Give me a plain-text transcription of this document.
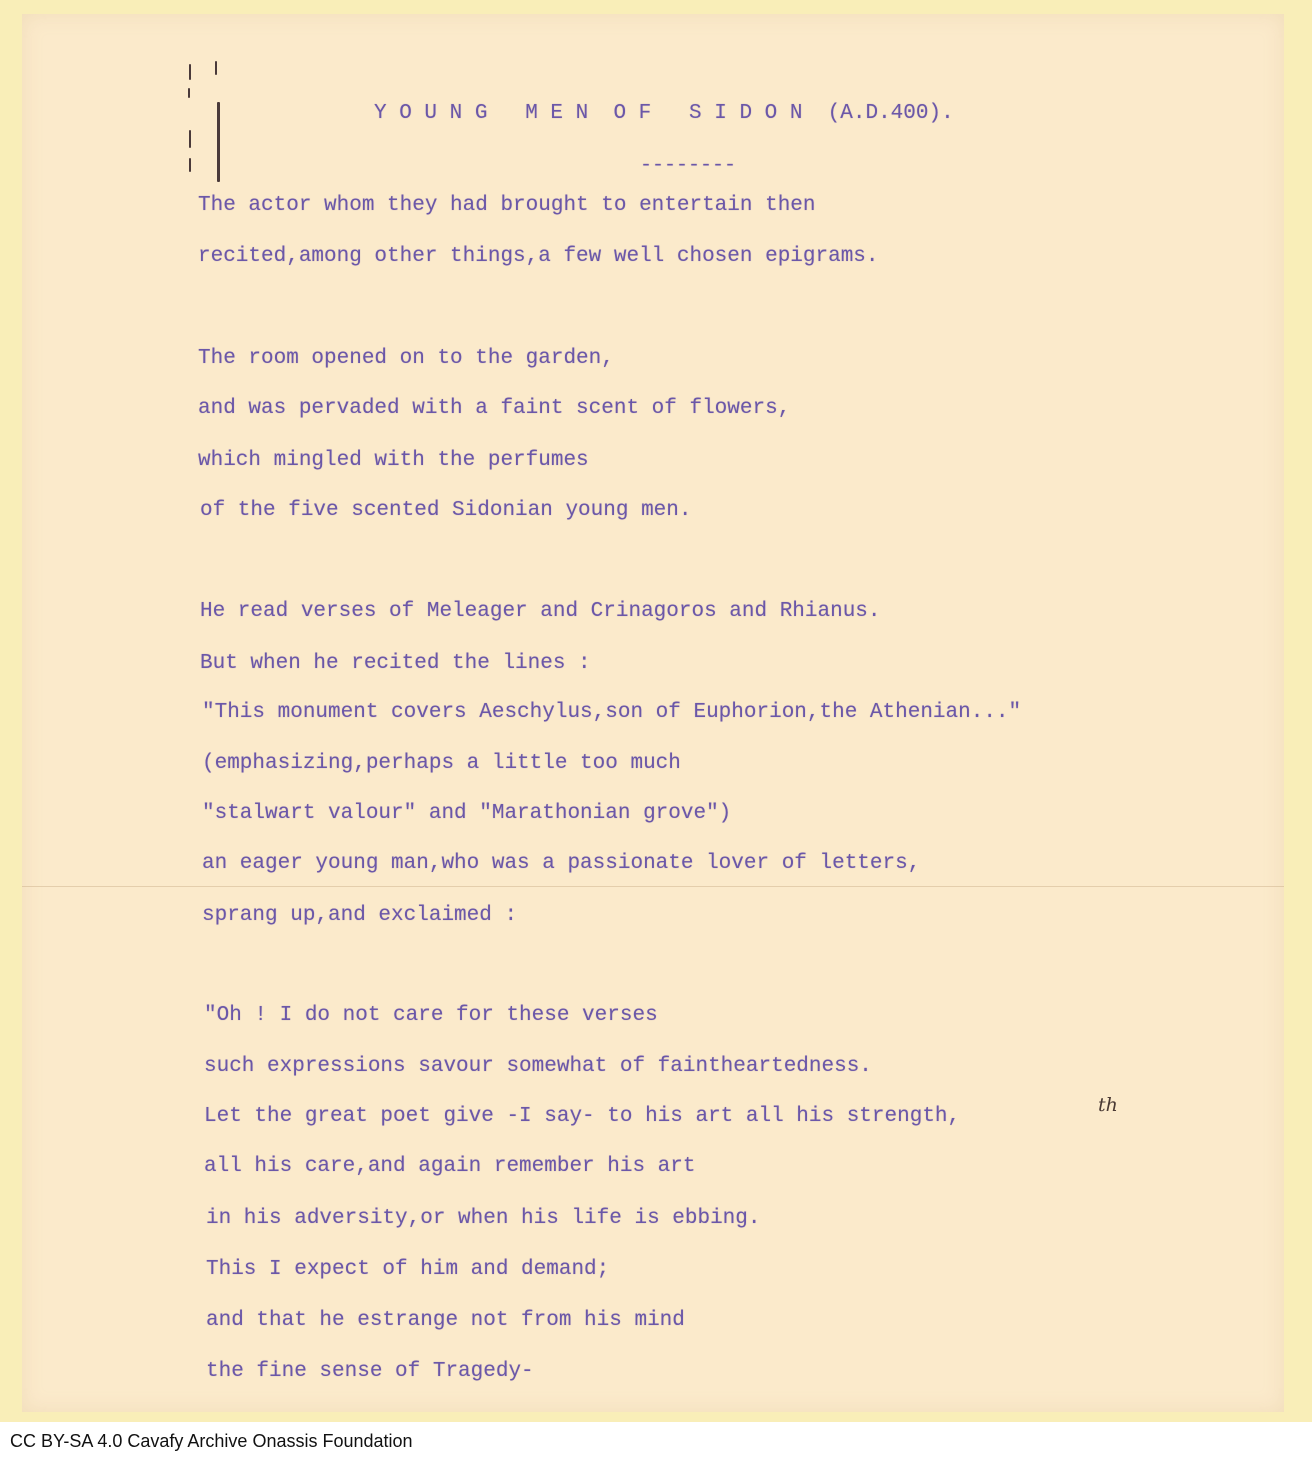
Y O U N G   M E N  O F   S I D O N  (A.D.400).
--------
The actor whom they had brought to entertain then
recited,among other things,a few well chosen epigrams.
The room opened on to the garden,
and was pervaded with a faint scent of flowers,
which mingled with the perfumes
of the five scented Sidonian young men.
He read verses of Meleager and Crinagoros and Rhianus.
But when he recited the lines :
"This monument covers Aeschylus,son of Euphorion,the Athenian..."
(emphasizing,perhaps a little too much
"stalwart valour" and "Marathonian grove")
an eager young man,who was a passionate lover of letters,
sprang up,and exclaimed :
"Oh ! I do not care for these verses
such expressions savour somewhat of faintheartedness.
Let the great poet give -I say- to his art all his strength,
all his care,and again remember his art
in his adversity,or when his life is ebbing.
This I expect of him and demand;
and that he estrange not from his mind
the fine sense of Tragedy-
th
CC BY-SA 4.0 Cavafy Archive Onassis Foundation
